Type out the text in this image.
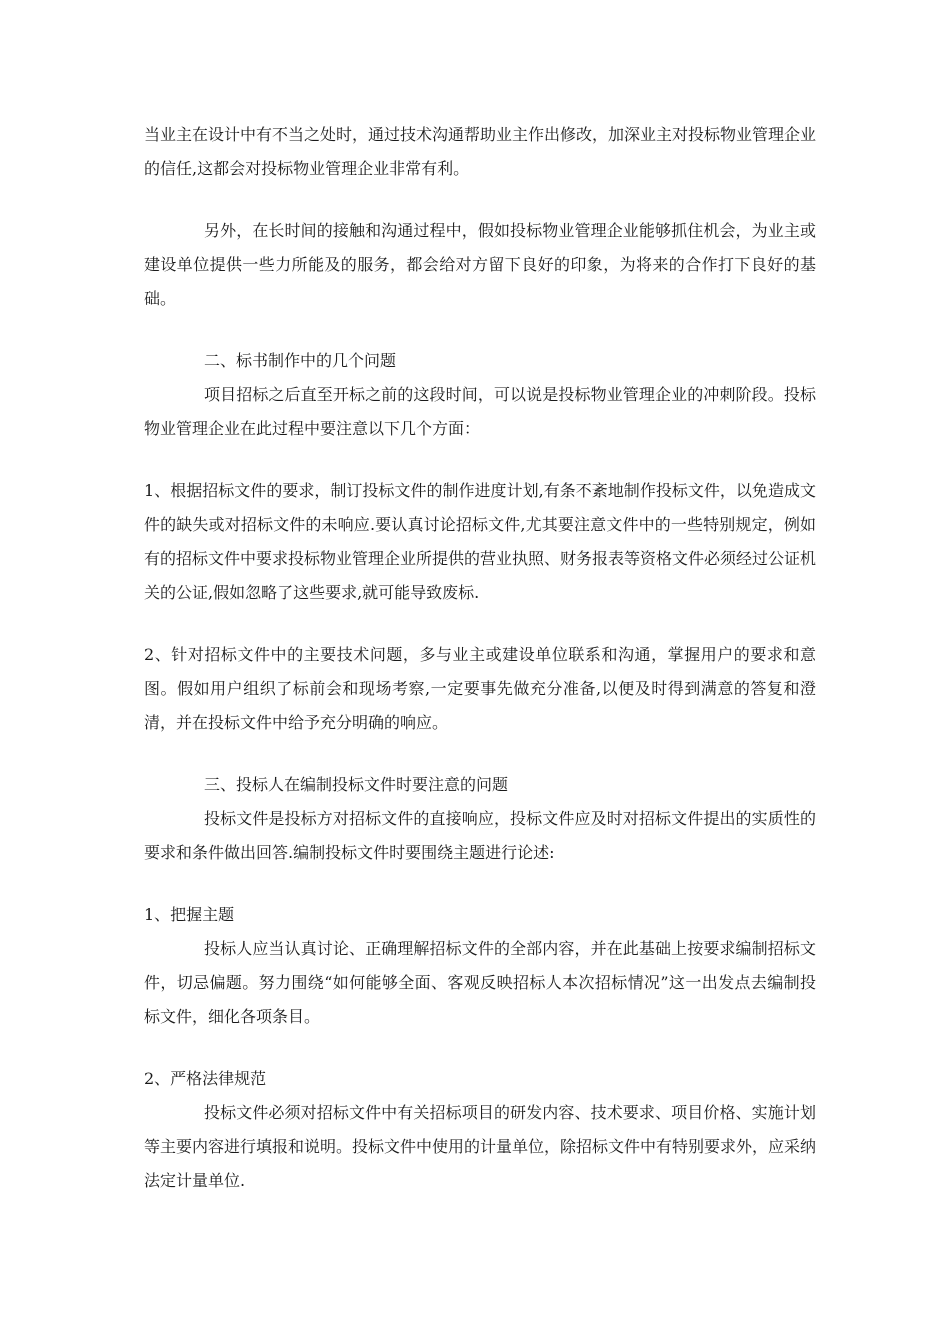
当业主在设计中有不当之处时，通过技术沟通帮助业主作出修改，加深业主对投标物业管理企业的信任,这都会对投标物业管理企业非常有利。

另外，在长时间的接触和沟通过程中，假如投标物业管理企业能够抓住机会，为业主或建设单位提供一些力所能及的服务，都会给对方留下良好的印象，为将来的合作打下良好的基础。

二、标书制作中的几个问题

项目招标之后直至开标之前的这段时间，可以说是投标物业管理企业的冲刺阶段。投标物业管理企业在此过程中要注意以下几个方面：

1、根据招标文件的要求，制订投标文件的制作进度计划,有条不紊地制作投标文件，以免造成文件的缺失或对招标文件的未响应.要认真讨论招标文件,尤其要注意文件中的一些特别规定，例如有的招标文件中要求投标物业管理企业所提供的营业执照、财务报表等资格文件必须经过公证机关的公证,假如忽略了这些要求,就可能导致废标.

2、针对招标文件中的主要技术问题，多与业主或建设单位联系和沟通，掌握用户的要求和意图。假如用户组织了标前会和现场考察,一定要事先做充分准备,以便及时得到满意的答复和澄清，并在投标文件中给予充分明确的响应。

三、投标人在编制投标文件时要注意的问题

投标文件是投标方对招标文件的直接响应，投标文件应及时对招标文件提出的实质性的要求和条件做出回答.编制投标文件时要围绕主题进行论述:

1、把握主题

投标人应当认真讨论、正确理解招标文件的全部内容，并在此基础上按要求编制招标文件，切忌偏题。努力围绕“如何能够全面、客观反映招标人本次招标情况”这一出发点去编制投标文件，细化各项条目。

2、严格法律规范

投标文件必须对招标文件中有关招标项目的研发内容、技术要求、项目价格、实施计划等主要内容进行填报和说明。投标文件中使用的计量单位，除招标文件中有特别要求外，应采纳法定计量单位.
